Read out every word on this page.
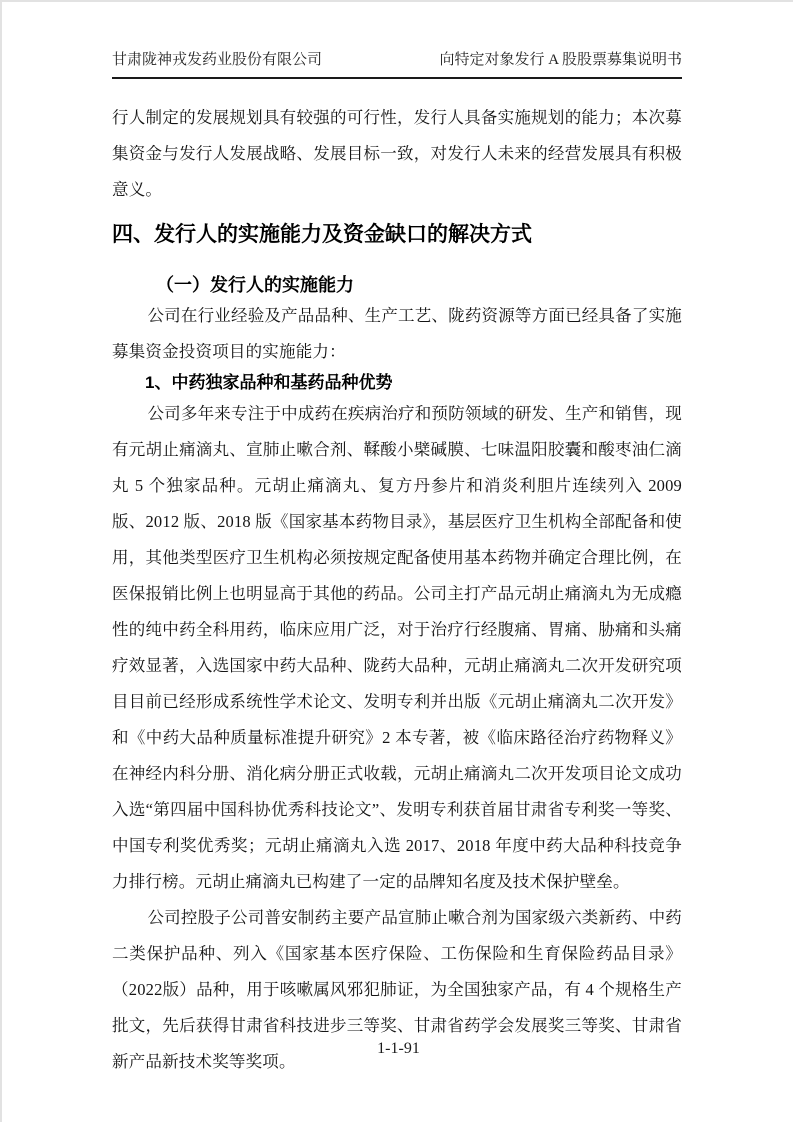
甘肃陇神戎发药业股份有限公司	向特定对象发行 A 股股票募集说明书

行人制定的发展规划具有较强的可行性，发行人具备实施规划的能力；本次募集资金与发行人发展战略、发展目标一致，对发行人未来的经营发展具有积极意义。

四、发行人的实施能力及资金缺口的解决方式
（一）发行人的实施能力

公司在行业经验及产品品种、生产工艺、陇药资源等方面已经具备了实施募集资金投资项目的实施能力：

1、中药独家品种和基药品种优势

公司多年来专注于中成药在疾病治疗和预防领域的研发、生产和销售，现有元胡止痛滴丸、宣肺止嗽合剂、鞣酸小檗碱膜、七味温阳胶囊和酸枣油仁滴丸 5 个独家品种。元胡止痛滴丸、复方丹参片和消炎利胆片连续列入 2009 版、2012 版、2018 版《国家基本药物目录》，基层医疗卫生机构全部配备和使用，其他类型医疗卫生机构必须按规定配备使用基本药物并确定合理比例，在医保报销比例上也明显高于其他的药品。公司主打产品元胡止痛滴丸为无成瘾性的纯中药全科用药，临床应用广泛，对于治疗行经腹痛、胃痛、胁痛和头痛疗效显著，入选国家中药大品种、陇药大品种，元胡止痛滴丸二次开发研究项目目前已经形成系统性学术论文、发明专利并出版《元胡止痛滴丸二次开发》和《中药大品种质量标准提升研究》2 本专著，被《临床路径治疗药物释义》在神经内科分册、消化病分册正式收载，元胡止痛滴丸二次开发项目论文成功入选“第四届中国科协优秀科技论文”、发明专利获首届甘肃省专利奖一等奖、中国专利奖优秀奖；元胡止痛滴丸入选 2017、2018 年度中药大品种科技竞争力排行榜。元胡止痛滴丸已构建了一定的品牌知名度及技术保护壁垒。

公司控股子公司普安制药主要产品宣肺止嗽合剂为国家级六类新药、中药二类保护品种、列入《国家基本医疗保险、工伤保险和生育保险药品目录》（2022版）品种，用于咳嗽属风邪犯肺证，为全国独家产品，有 4 个规格生产批文，先后获得甘肃省科技进步三等奖、甘肃省药学会发展奖三等奖、甘肃省新产品新技术奖等奖项。

1-1-91
